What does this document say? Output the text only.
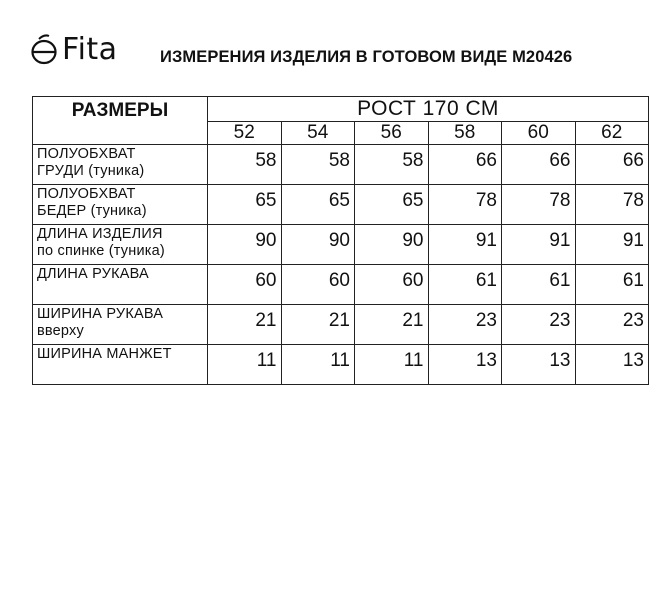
Fita	ИЗМЕРЕНИЯ ИЗДЕЛИЯ В ГОТОВОМ ВИДЕ М20426
РАЗМЕРЫ	РОСТ 170 СМ					
	52	54	56	58	60	62

ПОЛУОБХВАТ
ГРУДИ (туника)	58	58	58	66	66	66

ПОЛУОБХВАТ
БЕДЕР (туника)	65	65	65	78	78	78

ДЛИНА ИЗДЕЛИЯ
по спинке (туника)	90	90	90	91	91	91

ДЛИНА РУКАВА	60	60	60	61	61	61

ШИРИНА РУКАВА
вверху	21	21	21	23	23	23

ШИРИНА МАНЖЕТ	11	11	11	13	13	13
